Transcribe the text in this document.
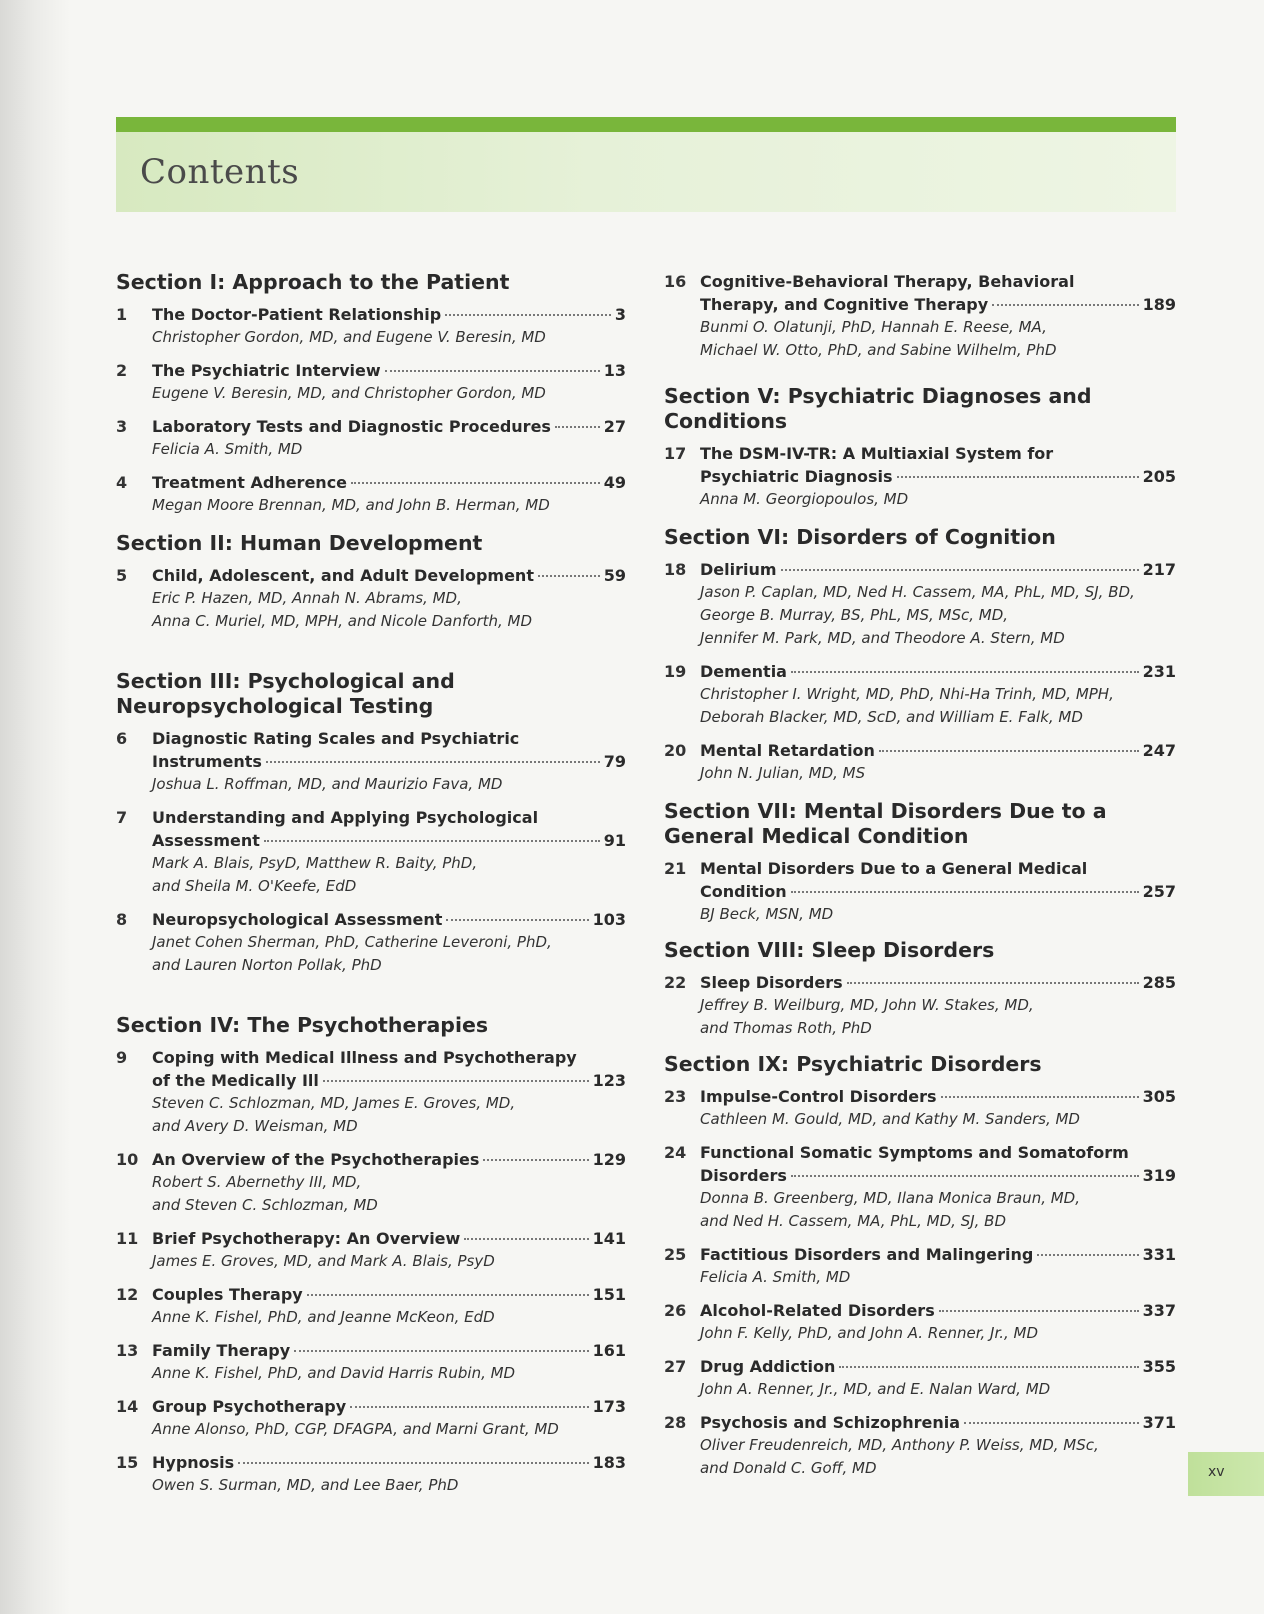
Contents
Section I: Approach to the Patient
1	The Doctor-Patient Relationship	3
Christopher Gordon, MD, and Eugene V. Beresin, MD
2	The Psychiatric Interview	13
Eugene V. Beresin, MD, and Christopher Gordon, MD
3	Laboratory Tests and Diagnostic Procedures	27
Felicia A. Smith, MD
4	Treatment Adherence	49
Megan Moore Brennan, MD, and John B. Herman, MD
Section II: Human Development
5	Child, Adolescent, and Adult Development	59
Eric P. Hazen, MD, Annah N. Abrams, MD,
Anna C. Muriel, MD, MPH, and Nicole Danforth, MD
Section III: Psychological and Neuropsychological Testing
6	Diagnostic Rating Scales and Psychiatric
Instruments	79
Joshua L. Roffman, MD, and Maurizio Fava, MD
7	Understanding and Applying Psychological
Assessment	91
Mark A. Blais, PsyD, Matthew R. Baity, PhD,
and Sheila M. O'Keefe, EdD
8	Neuropsychological Assessment	103
Janet Cohen Sherman, PhD, Catherine Leveroni, PhD,
and Lauren Norton Pollak, PhD
Section IV: The Psychotherapies
9	Coping with Medical Illness and Psychotherapy
of the Medically Ill	123
Steven C. Schlozman, MD, James E. Groves, MD,
and Avery D. Weisman, MD
10 An Overview of the Psychotherapies	129
Robert S. Abernethy III, MD,
and Steven C. Schlozman, MD
11 Brief Psychotherapy: An Overview	141
James E. Groves, MD, and Mark A. Blais, PsyD
12 Couples Therapy	151
Anne K. Fishel, PhD, and Jeanne McKeon, EdD
13 Family Therapy	161
Anne K. Fishel, PhD, and David Harris Rubin, MD
14 Group Psychotherapy	173
Anne Alonso, PhD, CGP, DFAGPA, and Marni Grant, MD
15 Hypnosis	183
Owen S. Surman, MD, and Lee Baer, PhD
16 Cognitive-Behavioral Therapy, Behavioral
Therapy, and Cognitive Therapy	189
Bunmi O. Olatunji, PhD, Hannah E. Reese, MA,
Michael W. Otto, PhD, and Sabine Wilhelm, PhD
Section V: Psychiatric Diagnoses and Conditions
17 The DSM-IV-TR: A Multiaxial System for
Psychiatric Diagnosis	205
Anna M. Georgiopoulos, MD
Section VI: Disorders of Cognition
18 Delirium	217
Jason P. Caplan, MD, Ned H. Cassem, MA, PhL, MD, SJ, BD,
George B. Murray, BS, PhL, MS, MSc, MD,
Jennifer M. Park, MD, and Theodore A. Stern, MD
19 Dementia	231
Christopher I. Wright, MD, PhD, Nhi-Ha Trinh, MD, MPH,
Deborah Blacker, MD, ScD, and William E. Falk, MD
20 Mental Retardation	247
John N. Julian, MD, MS
Section VII: Mental Disorders Due to a General Medical Condition
21 Mental Disorders Due to a General Medical
Condition	257
BJ Beck, MSN, MD
Section VIII: Sleep Disorders
22 Sleep Disorders	285
Jeffrey B. Weilburg, MD, John W. Stakes, MD,
and Thomas Roth, PhD
Section IX: Psychiatric Disorders
23 Impulse-Control Disorders	305
Cathleen M. Gould, MD, and Kathy M. Sanders, MD
24 Functional Somatic Symptoms and Somatoform
Disorders	319
Donna B. Greenberg, MD, Ilana Monica Braun, MD,
and Ned H. Cassem, MA, PhL, MD, SJ, BD
25 Factitious Disorders and Malingering	331
Felicia A. Smith, MD
26 Alcohol-Related Disorders	337
John F. Kelly, PhD, and John A. Renner, Jr., MD
27 Drug Addiction	355
John A. Renner, Jr., MD, and E. Nalan Ward, MD
28 Psychosis and Schizophrenia	371
Oliver Freudenreich, MD, Anthony P. Weiss, MD, MSc,
and Donald C. Goff, MD	xv
